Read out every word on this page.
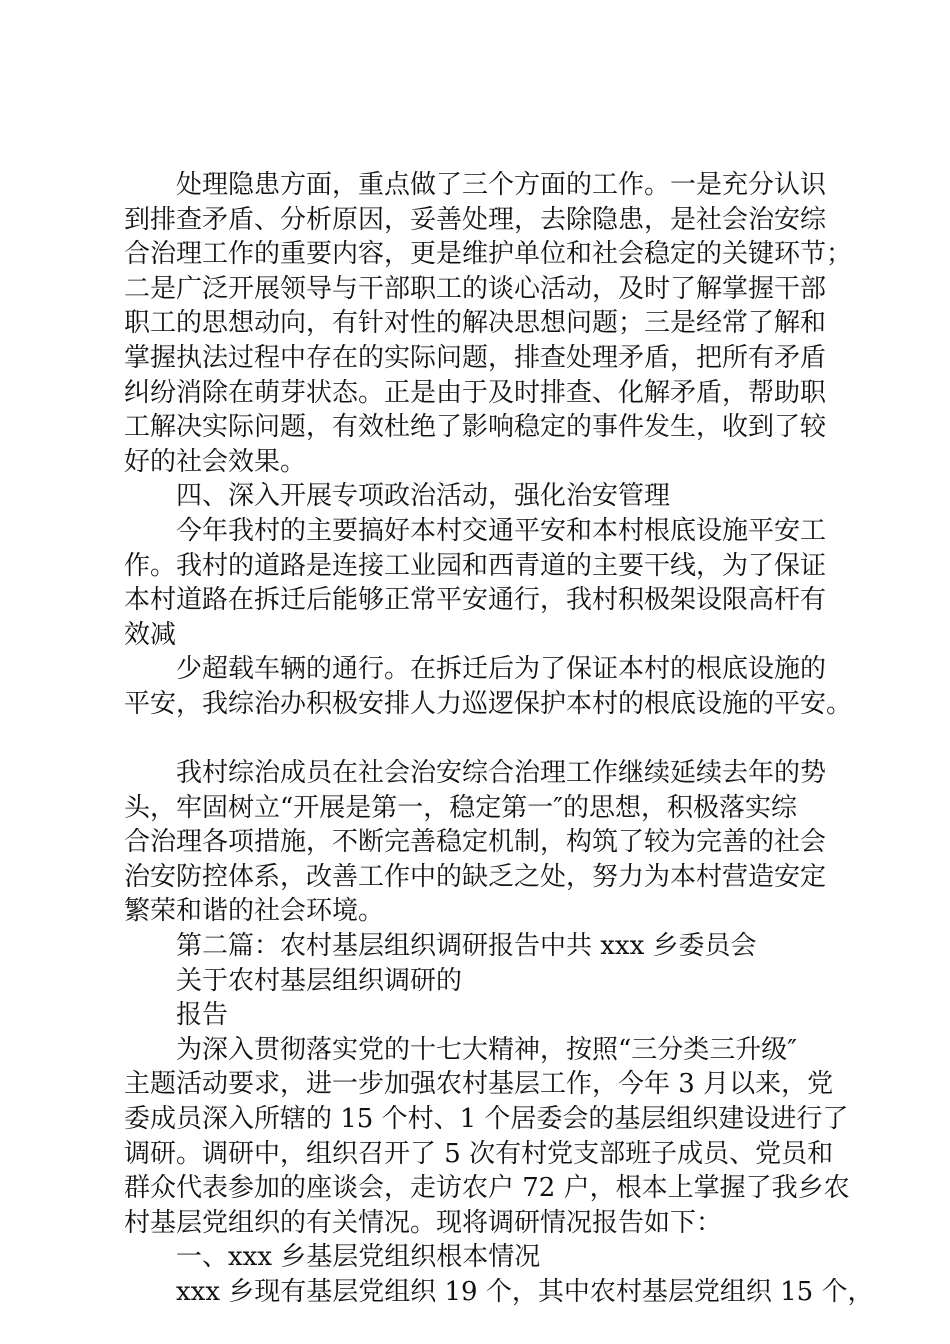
处理隐患方面，重点做了三个方面的工作。一是充分认识

到排查矛盾、分析原因，妥善处理，去除隐患，是社会治安综

合治理工作的重要内容，更是维护单位和社会稳定的关键环节；

二是广泛开展领导与干部职工的谈心活动，及时了解掌握干部

职工的思想动向，有针对性的解决思想问题；三是经常了解和

掌握执法过程中存在的实际问题，排查处理矛盾，把所有矛盾

纠纷消除在萌芽状态。正是由于及时排查、化解矛盾，帮助职

工解决实际问题，有效杜绝了影响稳定的事件发生，收到了较

好的社会效果。

四、深入开展专项政治活动，强化治安管理

今年我村的主要搞好本村交通平安和本村根底设施平安工

作。我村的道路是连接工业园和西青道的主要干线，为了保证

本村道路在拆迁后能够正常平安通行，我村积极架设限高杆有

效减

少超载车辆的通行。在拆迁后为了保证本村的根底设施的

平安，我综治办积极安排人力巡逻保护本村的根底设施的平安。

我村综治成员在社会治安综合治理工作继续延续去年的势

头，牢固树立“开展是第一，稳定第一″的思想，积极落实综

合治理各项措施，不断完善稳定机制，构筑了较为完善的社会

治安防控体系，改善工作中的缺乏之处，努力为本村营造安定

繁荣和谐的社会环境。

第二篇：农村基层组织调研报告中共 xxx 乡委员会

关于农村基层组织调研的

报告

为深入贯彻落实党的十七大精神，按照“三分类三升级″

主题活动要求，进一步加强农村基层工作，今年 3 月以来，党

委成员深入所辖的 15 个村、1 个居委会的基层组织建设进行了

调研。调研中，组织召开了 5 次有村党支部班子成员、党员和

群众代表参加的座谈会，走访农户 72 户，根本上掌握了我乡农

村基层党组织的有关情况。现将调研情况报告如下：

一、xxx 乡基层党组织根本情况

xxx 乡现有基层党组织 19 个，其中农村基层党组织 15 个，
